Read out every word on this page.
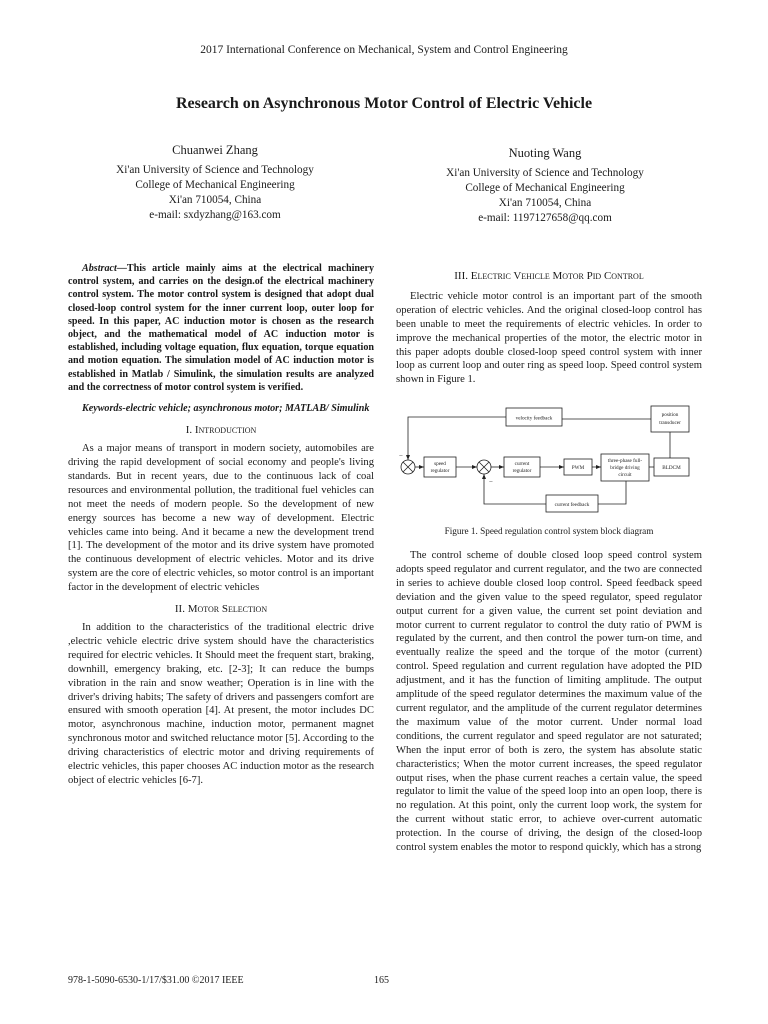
2017 International Conference on Mechanical, System and Control Engineering
Research on Asynchronous Motor Control of Electric Vehicle
Chuanwei Zhang
Xi'an University of Science and Technology
College of Mechanical Engineering
Xi'an 710054, China
e-mail: sxdyzhang@163.com
Nuoting Wang
Xi'an University of Science and Technology
College of Mechanical Engineering
Xi'an 710054, China
e-mail: 1197127658@qq.com
Abstract—This article mainly aims at the electrical machinery control system, and carries on the design.of the electrical machinery control system. The motor control system is designed that adopt dual closed-loop control system for the inner current loop, outer loop for speed. In this paper, AC induction motor is chosen as the research object, and the mathematical model of AC induction motor is established, including voltage equation, flux equation, torque equation and motion equation. The simulation model of AC induction motor is established in Matlab / Simulink, the simulation results are analyzed and the correctness of motor control system is verified.
Keywords-electric vehicle; asynchronous motor; MATLAB/ Simulink
I. Introduction

As a major means of transport in modern society, automobiles are driving the rapid development of social economy and people's living standards. But in recent years, due to the continuous lack of coal resources and environmental pollution, the traditional fuel vehicles can not meet the needs of modern people. So the development of new energy sources has become a new way of development. Electric vehicles came into being. And it became a new the development trend [1]. The development of the motor and its drive system have promoted the continuous development of electric vehicles. Motor and its drive system are the core of electric vehicles, so motor control is an important factor in the development of electric vehicles

II. Motor Selection

In addition to the characteristics of the traditional electric drive ,electric vehicle electric drive system should have the characteristics required for electric vehicles. It Should meet the frequent start, braking, downhill, emergency braking, etc. [2-3]; It can reduce the bumps vibration in the rain and snow weather; Operation is in line with the driver's driving habits; The safety of drivers and passengers comfort are ensured with smooth operation [4]. At present, the motor includes DC motor, asynchronous machine, induction motor, permanent magnet synchronous motor and switched reluctance motor [5]. According to the driving characteristics of electric motor and driving requirements of electric vehicles, this paper chooses AC induction motor as the research object of electric vehicles [6-7].

III. Electric Vehicle Motor Pid Control

Electric vehicle motor control is an important part of the smooth operation of electric vehicles. And the original closed-loop control has been unable to meet the requirements of electric vehicles. In order to improve the mechanical properties of the motor, the electric motor in this paper adopts double closed-loop speed control system with inner loop as current loop and outer ring as speed loop. Speed control system shown in Figure 1.

velocity feedback
position
transducer
speed
regulator
current
regulator	PWM
three-phase full-
bridge driving
circuit
BLDCM
current feedback
−
−
Figure 1. Speed regulation control system block diagram

The control scheme of double closed loop speed control system adopts speed regulator and current regulator, and the two are connected in series to achieve double closed loop control. Speed feedback speed deviation and the given value to the speed regulator, speed regulator output current for a given value, the current set point deviation and motor current to current regulator to control the duty ratio of PWM is regulated by the current, and then control the power turn-on time, and eventually realize the speed and the torque of the motor (current) control. Speed regulation and current regulation have adopted the PID adjustment, and it has the function of limiting amplitude. The output amplitude of the speed regulator determines the maximum value of the current regulator, and the amplitude of the current regulator determines the maximum value of the motor current. Under normal load conditions, the current regulator and speed regulator are not saturated; When the input error of both is zero, the system has absolute static characteristics; When the motor current increases, the speed regulator output rises, when the phase current reaches a certain value, the speed regulator to limit the value of the speed loop into an open loop, there is no regulation. At this point, only the current loop work, the system for the current without static error, to achieve over-current automatic protection. In the course of driving, the design of the closed-loop control system enables the motor to respond quickly, which has a strong

978-1-5090-6530-1/17/$31.00 ©2017 IEEE	165
